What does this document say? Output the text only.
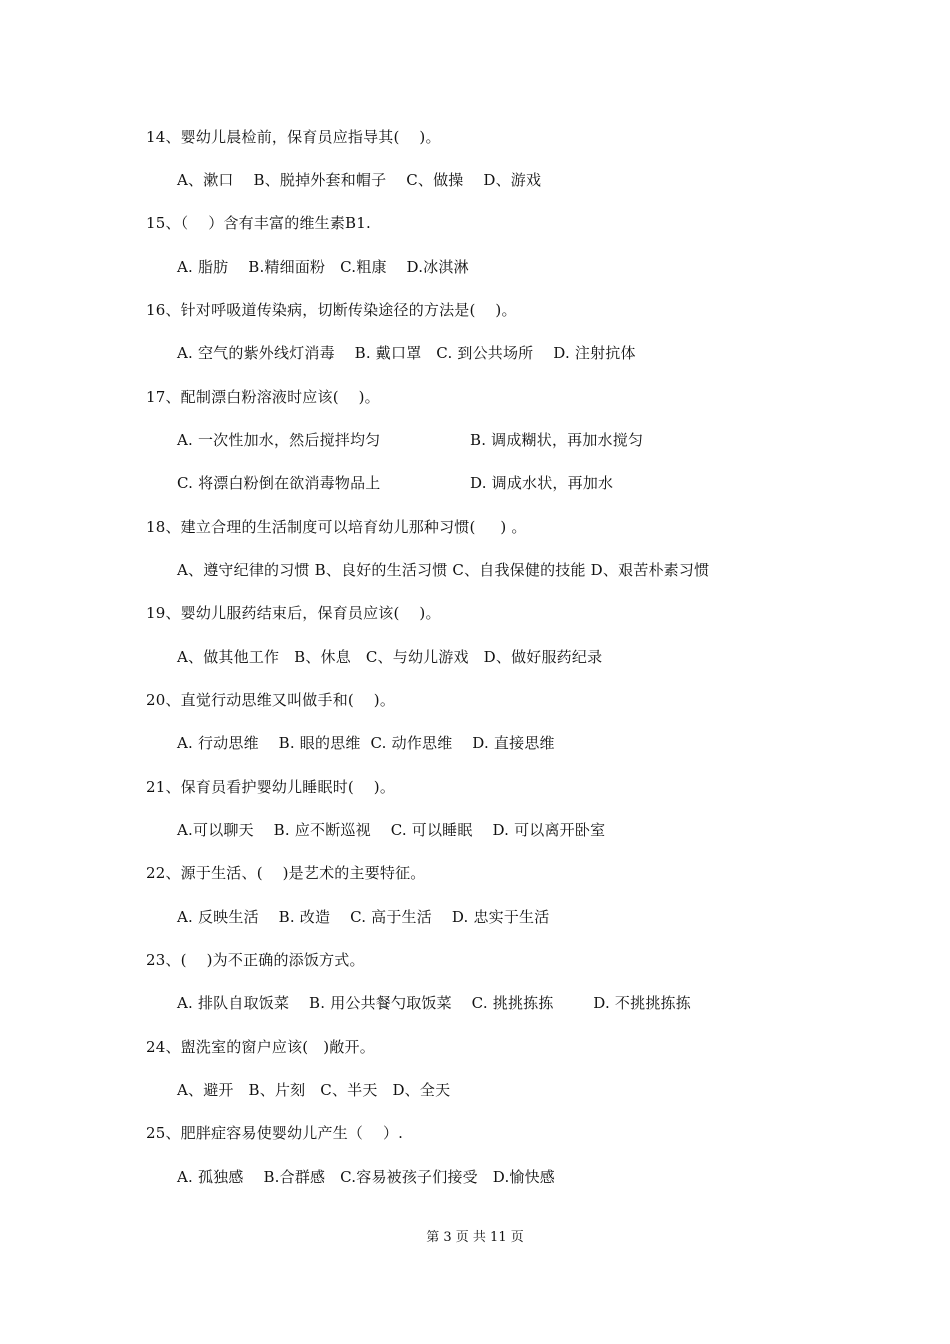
14、婴幼儿晨检前，保育员应指导其(    )。
A、漱口    B、脱掉外套和帽子    C、做操    D、游戏
15、（    ）含有丰富的维生素B1.
A. 脂肪    B.精细面粉   C.粗康    D.冰淇淋
16、针对呼吸道传染病，切断传染途径的方法是(    )。
A. 空气的紫外线灯消毒    B. 戴口罩   C. 到公共场所    D. 注射抗体
17、配制漂白粉溶液时应该(    )。
A. 一次性加水，然后搅拌均匀	B. 调成糊状，再加水搅匀
C. 将漂白粉倒在欲消毒物品上	D. 调成水状，再加水
18、建立合理的生活制度可以培育幼儿那种习惯(     ) 。
A、遵守纪律的习惯 B、良好的生活习惯 C、自我保健的技能 D、艰苦朴素习惯
19、婴幼儿服药结束后，保育员应该(    )。
A、做其他工作   B、休息   C、与幼儿游戏   D、做好服药纪录
20、直觉行动思维又叫做手和(    )。
A. 行动思维    B. 眼的思维  C. 动作思维    D. 直接思维
21、保育员看护婴幼儿睡眠时(    )。
A.可以聊天    B. 应不断巡视    C. 可以睡眠    D. 可以离开卧室
22、源于生活、(    )是艺术的主要特征。
A. 反映生活    B. 改造    C. 高于生活    D. 忠实于生活
23、(    )为不正确的添饭方式。
A. 排队自取饭菜    B. 用公共餐勺取饭菜    C. 挑挑拣拣        D. 不挑挑拣拣
24、盥洗室的窗户应该(   )敞开。
A、避开   B、片刻   C、半天   D、全天
25、肥胖症容易使婴幼儿产生（    ）.
A. 孤独感    B.合群感   C.容易被孩子们接受   D.愉快感
第 3 页 共 11 页
